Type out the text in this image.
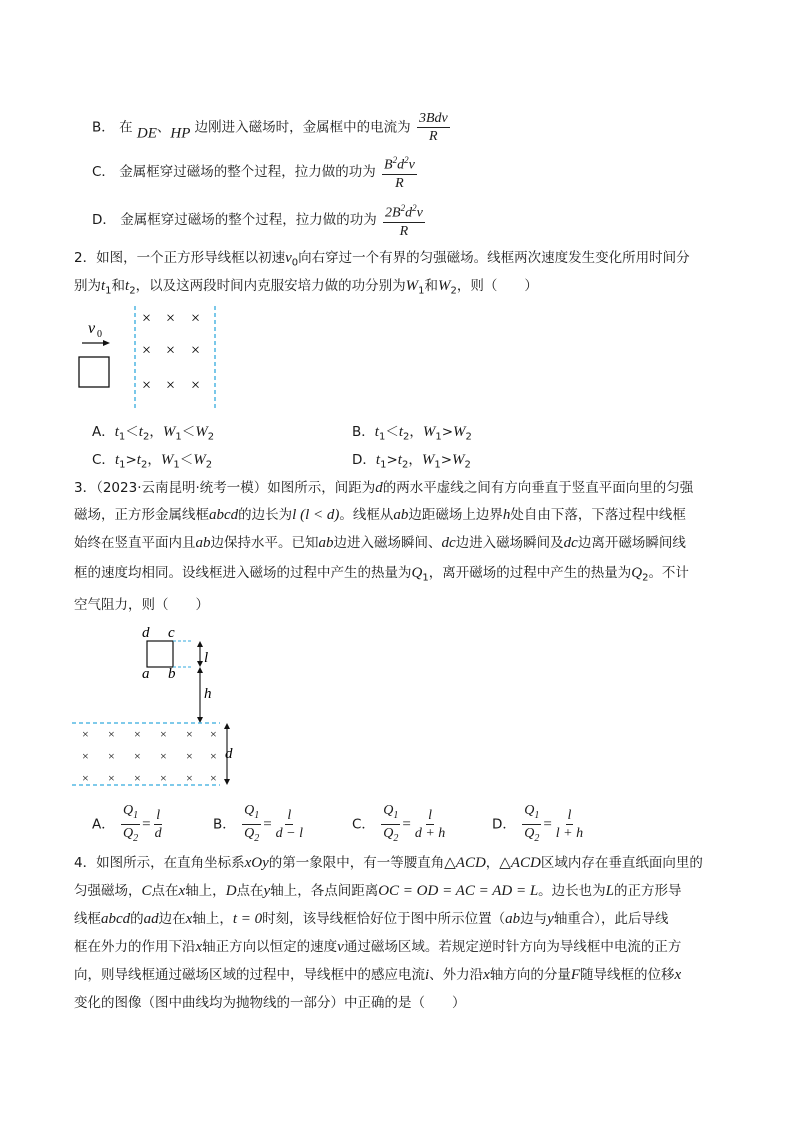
B． 在 DE、HP 边刚进入磁场时，金属框中的电流为 $\frac{\text{3Bdv}}{R}$
C． 金属框穿过磁场的整个过程，拉力做的功为 $\frac{B^2d^2v}{R}$
D． 金属框穿过磁场的整个过程，拉力做的功为 $\frac{2B^2d^2v}{R}$
2．如图，一个正方形导线框以初速$v_0$向右穿过一个有界的匀强磁场。线框两次速度发生变化所用时间分
别为$t_1$和$t_2$，以及这两段时间内克服安培力做的功分别为$W_1$和$W_2$，则（　　）
v 0
× × ×
× × ×
× × ×
A．$t_1<t_2$，$W_1<W_2$	B．$t_1<t_2$，$W_1>W_2$
C．$t_1>t_2$，$W_1<W_2$	D．$t_1>t_2$，$W_1>W_2$
3．（2023·云南昆明·统考一模）如图所示，间距为d的两水平虚线之间有方向垂直于竖直平面向里的匀强
磁场，正方形金属线框abcd的边长为l (l < d)。线框从ab边距磁场上边界h处自由下落，下落过程中线框
始终在竖直平面内且ab边保持水平。已知ab边进入磁场瞬间、dc边进入磁场瞬间及dc边离开磁场瞬间线
框的速度均相同。设线框进入磁场的过程中产生的热量为$Q_1$，离开磁场的过程中产生的热量为$Q_2$。不计
空气阻力，则（　　）
d c
a b
l
h
d
× × × × × ×
× × × × × ×
× × × × × ×
A． $\frac{Q_1}{Q_2} = \frac{l}{d}$	B． $\frac{Q_1}{Q_2} = \frac{l}{d - l}$	C． $\frac{Q_1}{Q_2} = \frac{l}{d + h}$	D． $\frac{Q_1}{Q_2} = \frac{l}{l + h}$
4．如图所示，在直角坐标系xOy的第一象限中，有一等腰直角△ACD，△ACD区域内存在垂直纸面向里的
匀强磁场，C点在x轴上，D点在y轴上，各点间距离OC = OD = AC = AD = L。边长也为L的正方形导
线框abcd的ad边在x轴上，t = 0时刻，该导线框恰好位于图中所示位置（ab边与y轴重合），此后导线
框在外力的作用下沿x轴正方向以恒定的速度v通过磁场区域。若规定逆时针方向为导线框中电流的正方
向，则导线框通过磁场区域的过程中，导线框中的感应电流i、外力沿x轴方向的分量F随导线框的位移x
变化的图像（图中曲线均为抛物线的一部分）中正确的是（　　）
